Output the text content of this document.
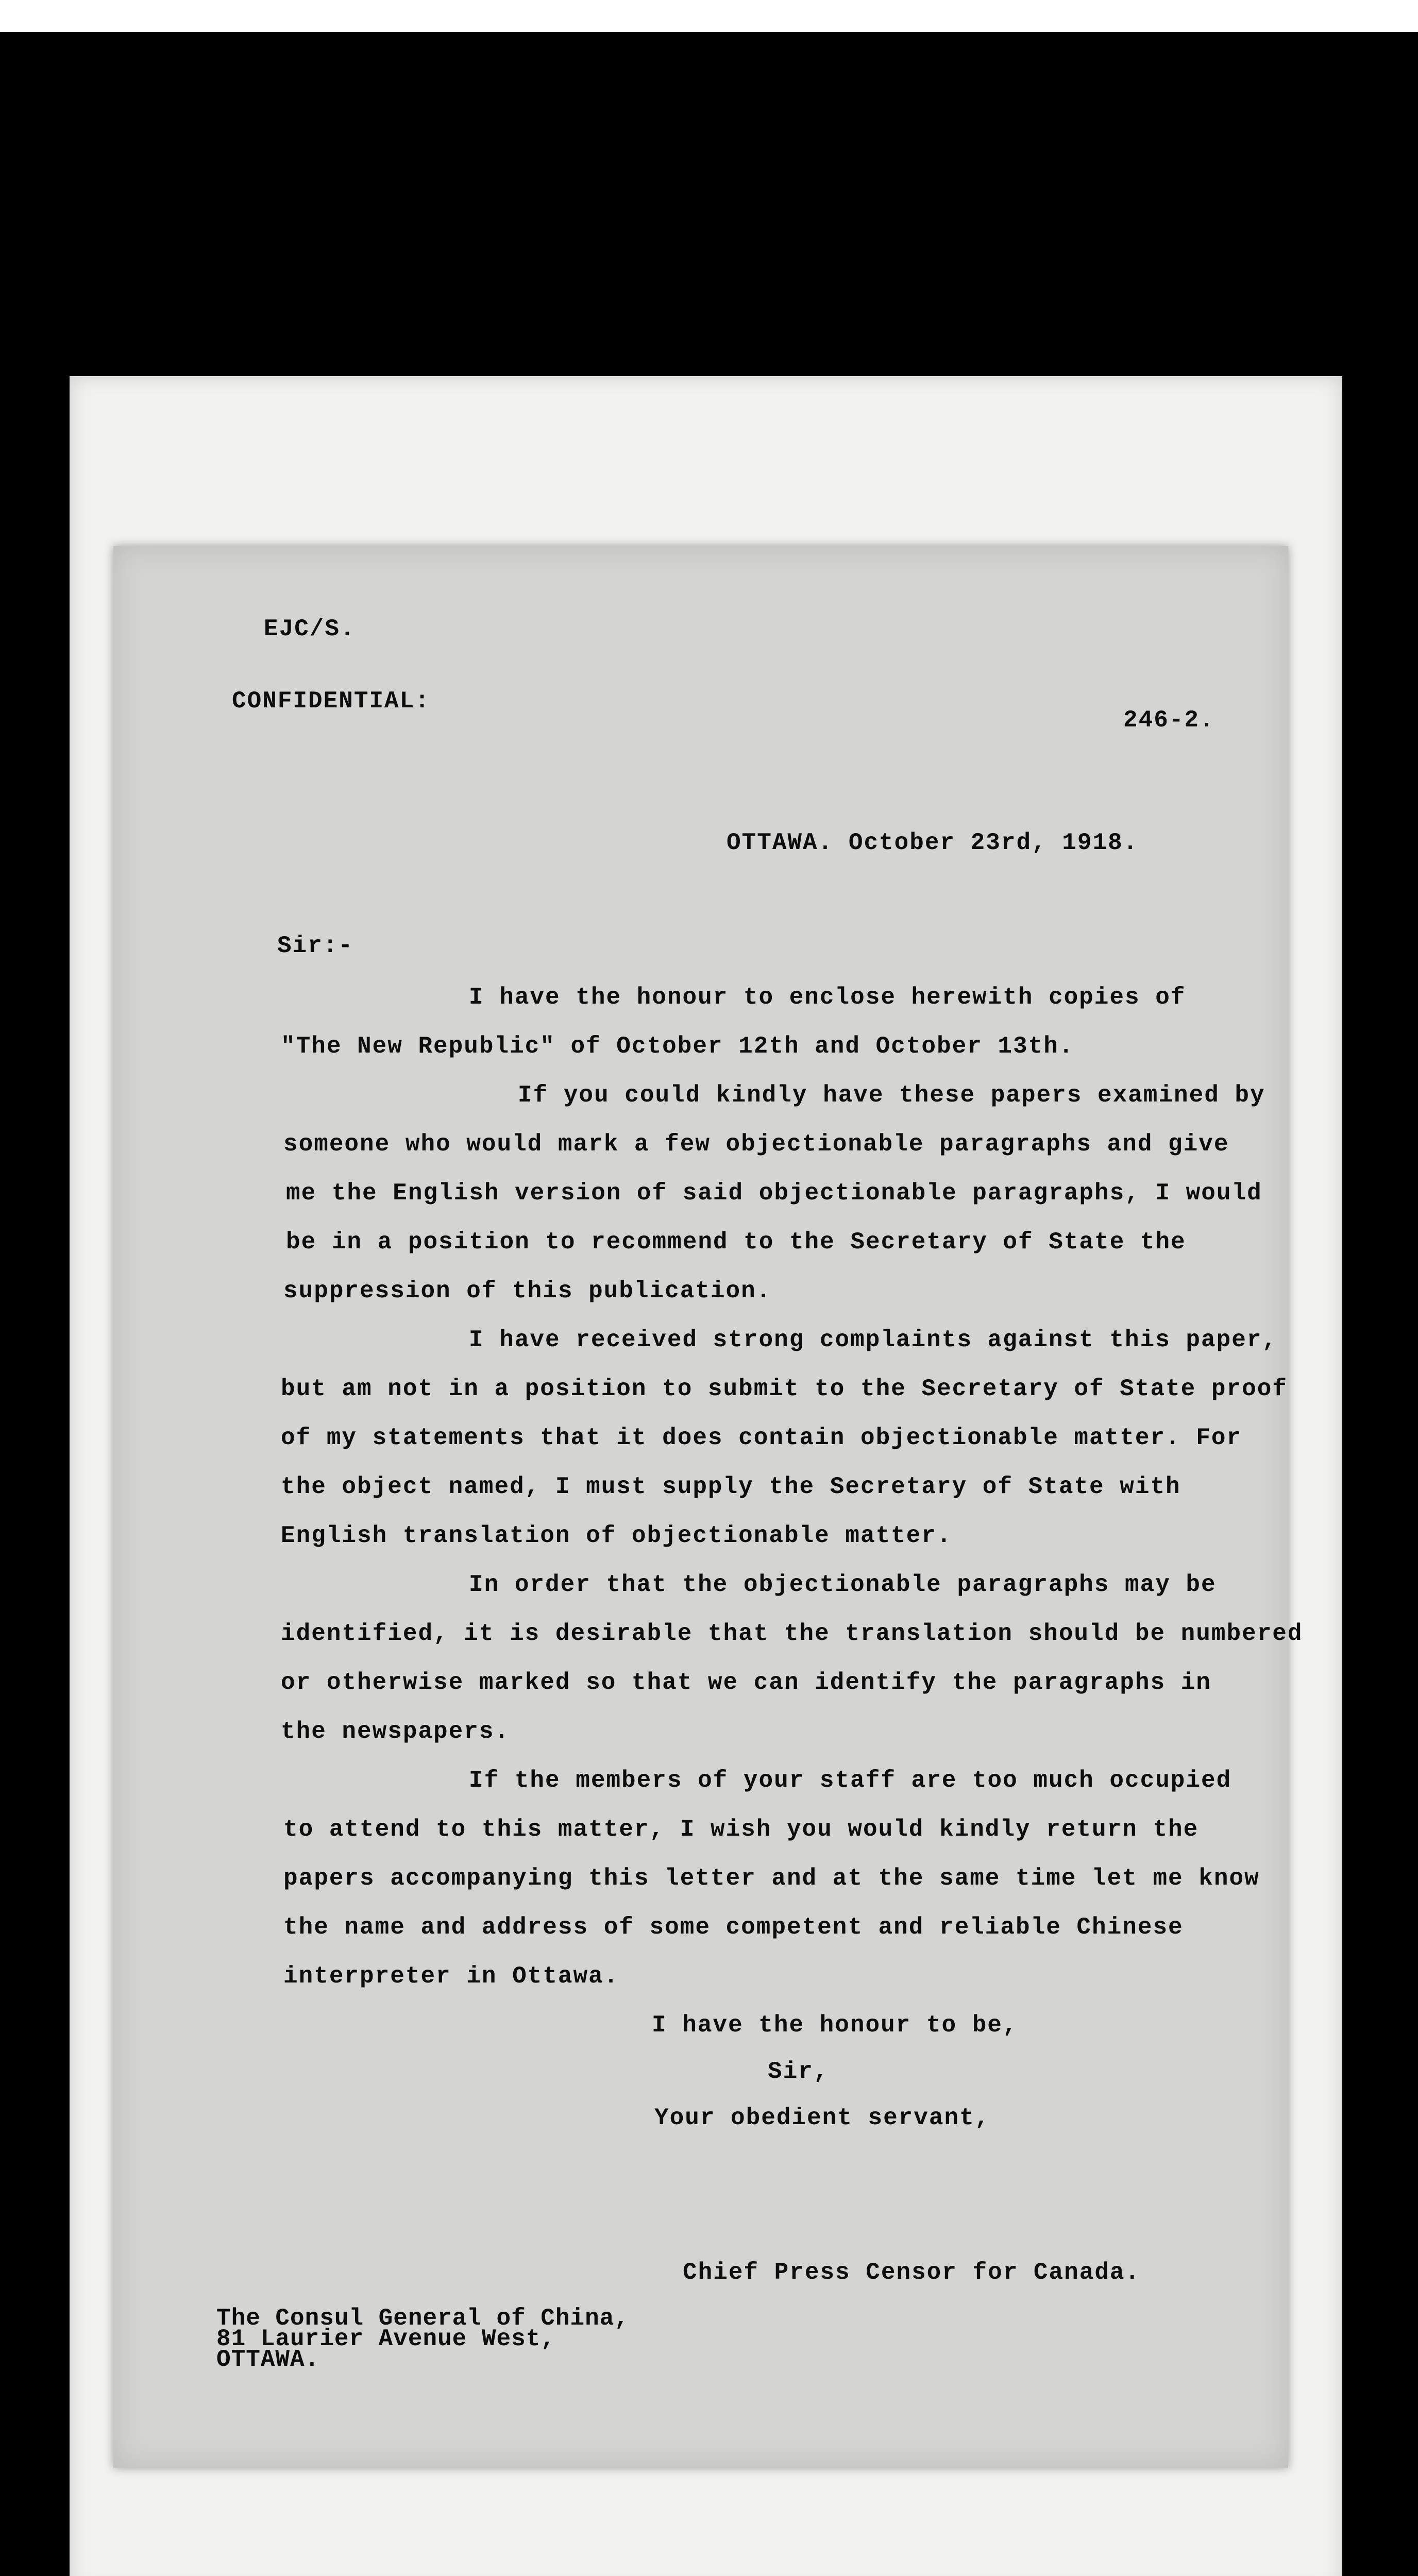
EJC/S.
CONFIDENTIAL:
246-2.
OTTAWA. October 23rd, 1918.
Sir:-
I have the honour to enclose herewith copies of
"The New Republic" of October 12th and October 13th.
If you could kindly have these papers examined by
someone who would mark a few objectionable paragraphs and give
me the English version of said objectionable paragraphs, I would
be in a position to recommend to the Secretary of State the
suppression of this publication.
I have received strong complaints against this paper,
but am not in a position to submit to the Secretary of State proof
of my statements that it does contain objectionable matter. For
the object named, I must supply the Secretary of State with
English translation of objectionable matter.
In order that the objectionable paragraphs may be
identified, it is desirable that the translation should be numbered
or otherwise marked so that we can identify the paragraphs in
the newspapers.
If the members of your staff are too much occupied
to attend to this matter, I wish you would kindly return the
papers accompanying this letter and at the same time let me know
the name and address of some competent and reliable Chinese
interpreter in Ottawa.
I have the honour to be,
Sir,
Your obedient servant,
Chief Press Censor for Canada.
The Consul General of China,
81 Laurier Avenue West,
OTTAWA.
